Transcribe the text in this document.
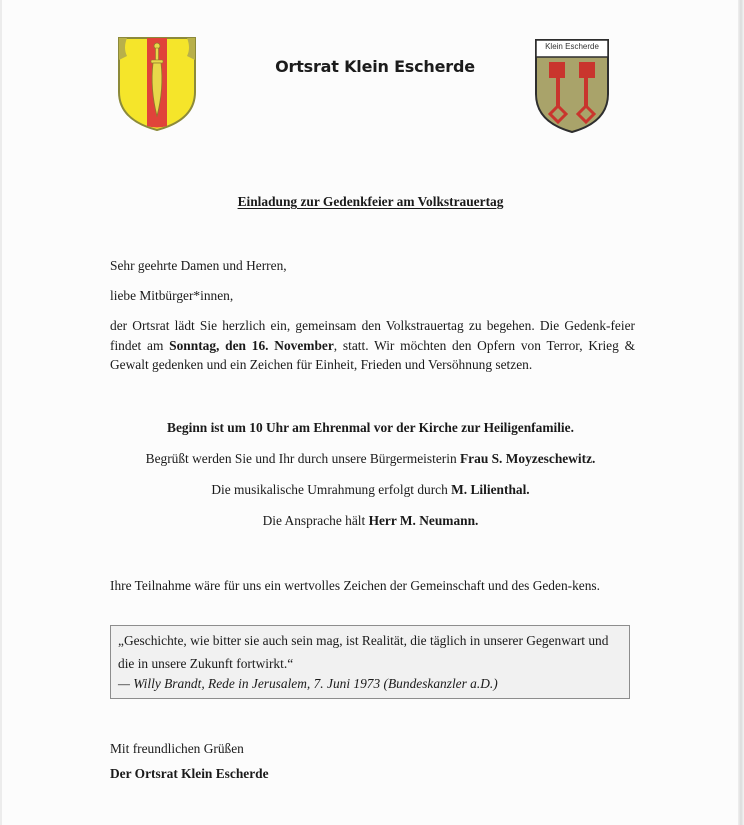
Ortsrat Klein Escherde
Klein Escherde
Einladung zur Gedenkfeier am Volkstrauertag
Sehr geehrte Damen und Herren,
liebe Mitbürger*innen,
der Ortsrat lädt Sie herzlich ein, gemeinsam den Volkstrauertag zu begehen. Die Gedenk-feier findet am Sonntag, den 16. November, statt. Wir möchten den Opfern von Terror, Krieg & Gewalt gedenken und ein Zeichen für Einheit, Frieden und Versöhnung setzen.
Beginn ist um 10 Uhr am Ehrenmal vor der Kirche zur Heiligenfamilie.
Begrüßt werden Sie und Ihr durch unsere Bürgermeisterin Frau S. Moyzeschewitz.
Die musikalische Umrahmung erfolgt durch M. Lilienthal.
Die Ansprache hält Herr M. Neumann.
Ihre Teilnahme wäre für uns ein wertvolles Zeichen der Gemeinschaft und des Geden-kens.
„Geschichte, wie bitter sie auch sein mag, ist Realität, die täglich in unserer Gegenwart und die in unsere Zukunft fortwirkt.“
— Willy Brandt, Rede in Jerusalem, 7. Juni 1973 (Bundeskanzler a.D.)
Mit freundlichen Grüßen
Der Ortsrat Klein Escherde
